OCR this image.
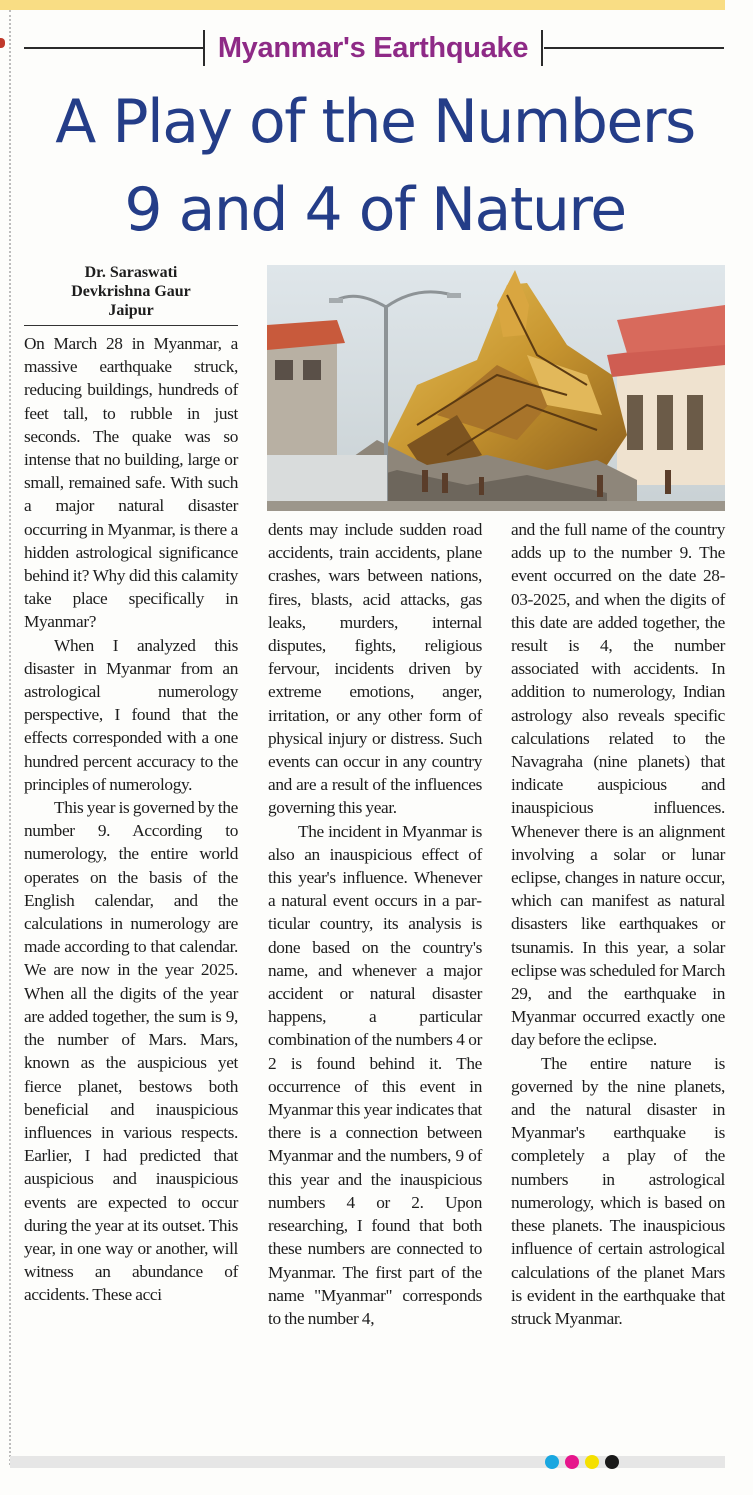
Myanmar's Earthquake
A Play of the Numbers
9 and 4 of Nature
Dr. Saraswati
Devkrishna Gaur
Jaipur

On March 28 in Myanmar, a massive earthquake struck, reducing buildings, hundreds of feet tall, to rubble in just seconds. The quake was so intense that no building, large or small, remained safe. With such a major natural disaster occurring in Myanmar, is there a hidden astrological significance behind it? Why did this calamity take place specifically in Myanmar?

When I analyzed this disaster in Myanmar from an astrological numerology perspective, I found that the effects corresponded with a one hundred percent accuracy to the principles of numerology.

This year is governed by the number 9. According to numerology, the entire world operates on the basis of the English calendar, and the calculations in numerology are made according to that calendar. We are now in the year 2025. When all the digits of the year are added together, the sum is 9, the number of Mars. Mars, known as the auspicious yet fierce planet, bestows both beneficial and inauspicious influences in various respects. Earlier, I had predicted that auspicious and inauspicious events are expected to occur during the year at its outset. This year, in one way or another, will witness an abundance of accidents. These acci

dents may include sudden road accidents, train accidents, plane crashes, wars between nations, fires, blasts, acid attacks, gas leaks, murders, internal disputes, fights, religious fervour, incidents driven by extreme emotions, anger, irritation, or any other form of physical injury or distress. Such events can occur in any country and are a result of the influences governing this year.

The incident in Myanmar is also an inauspicious effect of this year's influence. Whenever a natural event occurs in a particular country, its analysis is done based on the country's name, and whenever a major accident or natural disaster happens, a particular combination of the numbers 4 or 2 is found behind it. The occurrence of this event in Myanmar this year indicates that there is a connection between Myanmar and the numbers, 9 of this year and the inauspicious numbers 4 or 2. Upon researching, I found that both these numbers are connected to Myanmar. The first part of the name "Myanmar" corresponds to the number 4,

and the full name of the country adds up to the number 9. The event occurred on the date 28-03-2025, and when the digits of this date are added together, the result is 4, the number associated with accidents. In addition to numerology, Indian astrology also reveals specific calculations related to the Navagraha (nine planets) that indicate auspicious and inauspicious influences. Whenever there is an alignment involving a solar or lunar eclipse, changes in nature occur, which can manifest as natural disasters like earthquakes or tsunamis. In this year, a solar eclipse was scheduled for March 29, and the earthquake in Myanmar occurred exactly one day before the eclipse.

The entire nature is governed by the nine planets, and the natural disaster in Myanmar's earthquake is completely a play of the numbers in astrological numerology, which is based on these planets. The inauspicious influence of certain astrological calculations of the planet Mars is evident in the earthquake that struck Myanmar.
